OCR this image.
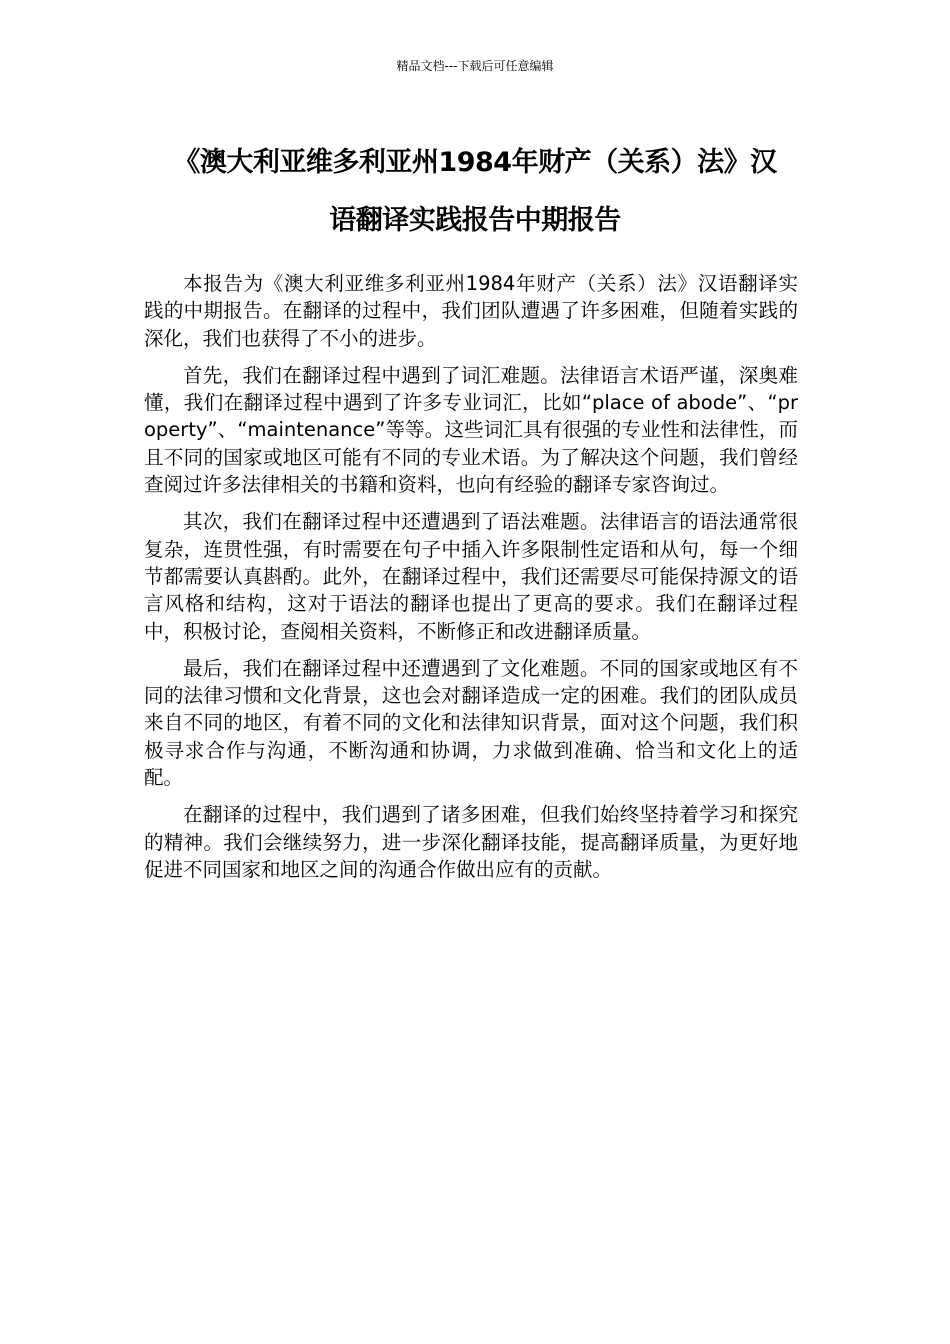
精品文档---下载后可任意编辑
《澳大利亚维多利亚州1984年财产（关系）法》汉
语翻译实践报告中期报告

本报告为《澳大利亚维多利亚州1984年财产（关系）法》汉语翻译实践的中期报告。在翻译的过程中，我们团队遭遇了许多困难，但随着实践的深化，我们也获得了不小的进步。

首先，我们在翻译过程中遇到了词汇难题。法律语言术语严谨，深奥难懂，我们在翻译过程中遇到了许多专业词汇，比如“place of abode”、“property”、“maintenance”等等。这些词汇具有很强的专业性和法律性，而且不同的国家或地区可能有不同的专业术语。为了解决这个问题，我们曾经查阅过许多法律相关的书籍和资料，也向有经验的翻译专家咨询过。

其次，我们在翻译过程中还遭遇到了语法难题。法律语言的语法通常很复杂，连贯性强，有时需要在句子中插入许多限制性定语和从句，每一个细节都需要认真斟酌。此外，在翻译过程中，我们还需要尽可能保持源文的语言风格和结构，这对于语法的翻译也提出了更高的要求。我们在翻译过程中，积极讨论，查阅相关资料，不断修正和改进翻译质量。

最后，我们在翻译过程中还遭遇到了文化难题。不同的国家或地区有不同的法律习惯和文化背景，这也会对翻译造成一定的困难。我们的团队成员来自不同的地区，有着不同的文化和法律知识背景，面对这个问题，我们积极寻求合作与沟通，不断沟通和协调，力求做到准确、恰当和文化上的适配。

在翻译的过程中，我们遇到了诸多困难，但我们始终坚持着学习和探究的精神。我们会继续努力，进一步深化翻译技能，提高翻译质量，为更好地促进不同国家和地区之间的沟通合作做出应有的贡献。
